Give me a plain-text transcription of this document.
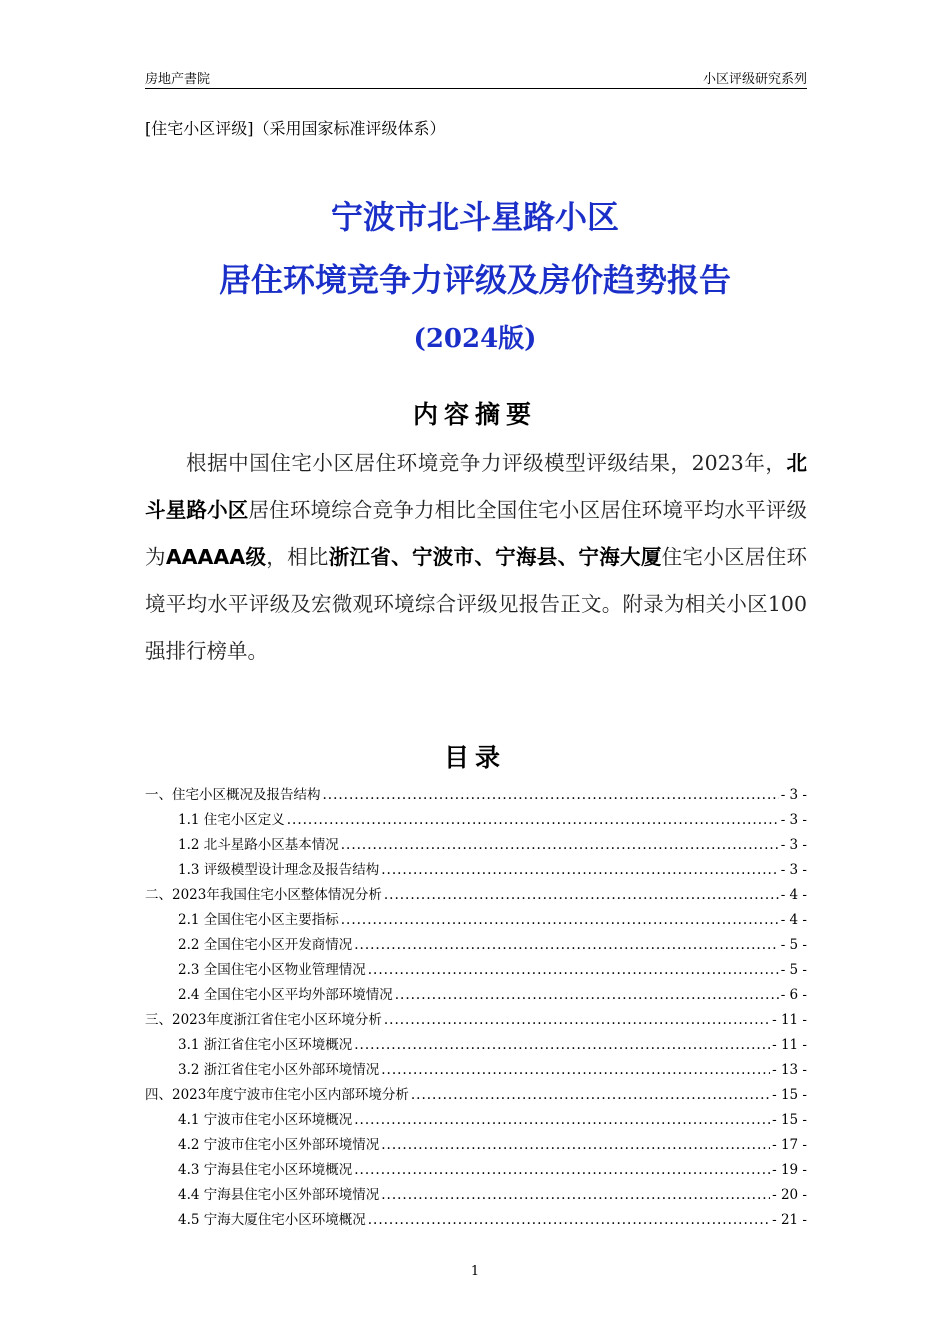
房地产書院	小区评级研究系列
[住宅小区评级]（采用国家标准评级体系）
宁波市北斗星路小区
居住环境竞争力评级及房价趋势报告
(2024版)
内容摘要

根据中国住宅小区居住环境竞争力评级模型评级结果，2023年，北斗星路小区居住环境综合竞争力相比全国住宅小区居住环境平均水平评级为AAAAA级，相比浙江省、宁波市、宁海县、宁海大厦住宅小区居住环境平均水平评级及宏微观环境综合评级见报告正文。附录为相关小区100强排行榜单。

目录
一、住宅小区概况及报告结构 .....	- 3 -
1.1 住宅小区定义 .....	- 3 -
1.2 北斗星路小区基本情况 .....	- 3 -
1.3 评级模型设计理念及报告结构 .....	- 3 -
二、2023年我国住宅小区整体情况分析 .....	- 4 -
2.1 全国住宅小区主要指标 .....	- 4 -
2.2 全国住宅小区开发商情况 .....	- 5 -
2.3 全国住宅小区物业管理情况 .....	- 5 -
2.4 全国住宅小区平均外部环境情况 .....	- 6 -
三、2023年度浙江省住宅小区环境分析 .....	- 11 -
3.1 浙江省住宅小区环境概况 .....	- 11 -
3.2 浙江省住宅小区外部环境情况 .....	- 13 -
四、2023年度宁波市住宅小区内部环境分析 .....	- 15 -
4.1 宁波市住宅小区环境概况 .....	- 15 -
4.2 宁波市住宅小区外部环境情况 .....	- 17 -
4.3 宁海县住宅小区环境概况 .....	- 19 -
4.4 宁海县住宅小区外部环境情况 .....	- 20 -
4.5 宁海大厦住宅小区环境概况 .....	- 21 -
1
